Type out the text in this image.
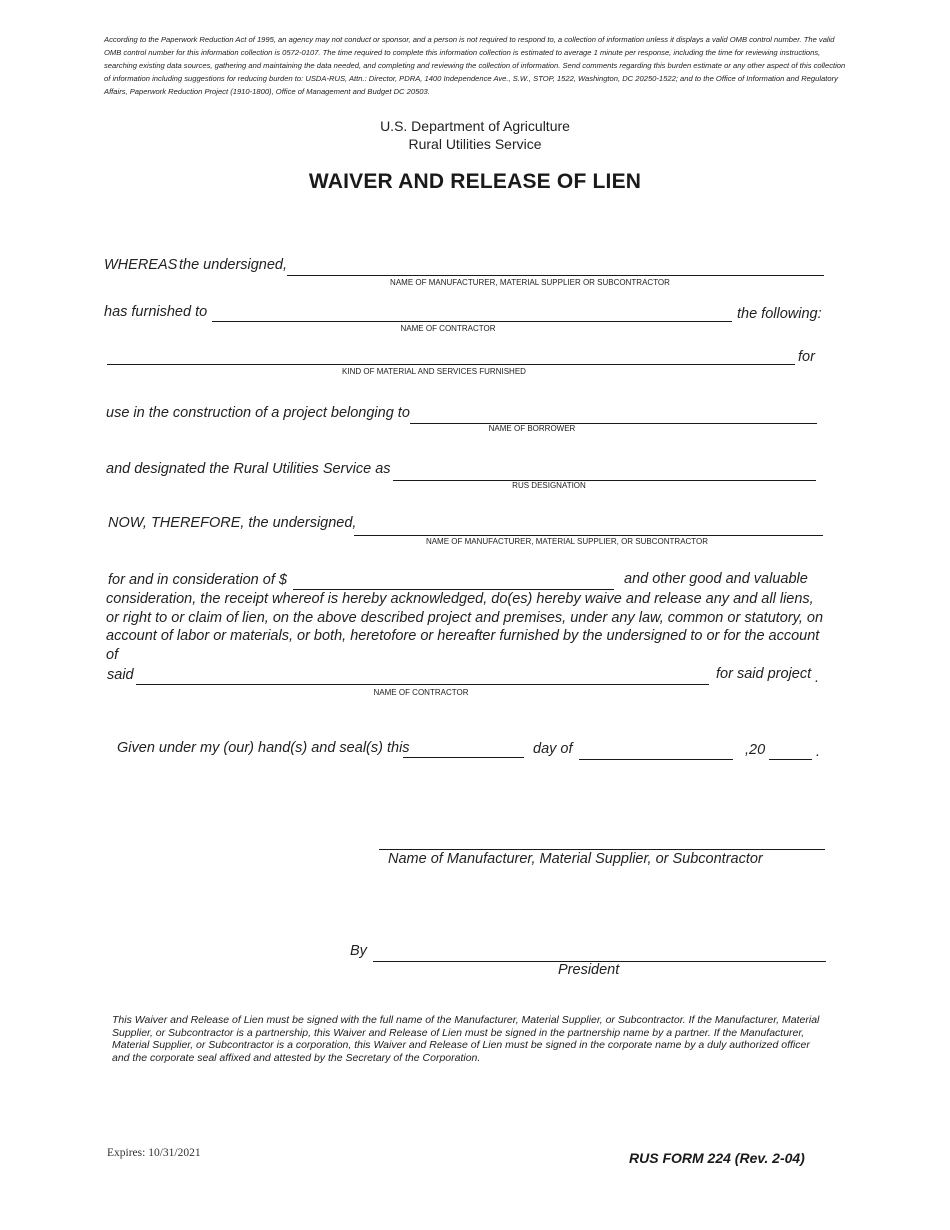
According to the Paperwork Reduction Act of 1995, an agency may not conduct or sponsor, and a person is not required to respond to, a collection of information unless it displays a valid OMB control number. The valid OMB control number for this information collection is 0572-0107. The time required to complete this information collection is estimated to average 1 minute per response, including the time for reviewing instructions, searching existing data sources, gathering and maintaining the data needed, and completing and reviewing the collection of information. Send comments regarding this burden estimate or any other aspect of this collection of information including suggestions for reducing burden to: USDA-RUS, Attn.: Director, PDRA, 1400 Independence Ave., S.W., STOP, 1522, Washington, DC 20250-1522; and to the Office of Information and Regulatory Affairs, Paperwork Reduction Project (1910-1800), Office of Management and Budget DC 20503.
U.S. Department of Agriculture
Rural Utilities Service
WAIVER AND RELEASE OF LIEN
WHEREAS the undersigned,
NAME OF MANUFACTURER, MATERIAL SUPPLIER OR SUBCONTRACTOR
has furnished to	the following:
NAME OF CONTRACTOR
for
KIND OF MATERIAL AND SERVICES FURNISHED
use in the construction of a project belonging to
NAME OF BORROWER
and designated the Rural Utilities Service as
RUS DESIGNATION
NOW, THEREFORE, the undersigned,
NAME OF MANUFACTURER, MATERIAL SUPPLIER, OR SUBCONTRACTOR
for and in consideration of $	and other good and valuable
consideration, the receipt whereof is hereby acknowledged, do(es) hereby waive and release any and all liens, or right to or claim of lien, on the above described project and premises, under any law, common or statutory, on account of labor or materials, or both, heretofore or hereafter furnished by the undersigned to or for the account of
said	for said project .
NAME OF CONTRACTOR
Given under my (our) hand(s) and seal(s) this	day of	,20	.
Name of Manufacturer, Material Supplier, or Subcontractor
By
President
This Waiver and Release of Lien must be signed with the full name of the Manufacturer, Material Supplier, or Subcontractor. If the Manufacturer, Material Supplier, or Subcontractor is a partnership, this Waiver and Release of Lien must be signed in the partnership name by a partner. If the Manufacturer, Material Supplier, or Subcontractor is a corporation, this Waiver and Release of Lien must be signed in the corporate name by a duly authorized officer and the corporate seal affixed and attested by the Secretary of the Corporation.
Expires: 10/31/2021	RUS FORM 224 (Rev. 2-04)
